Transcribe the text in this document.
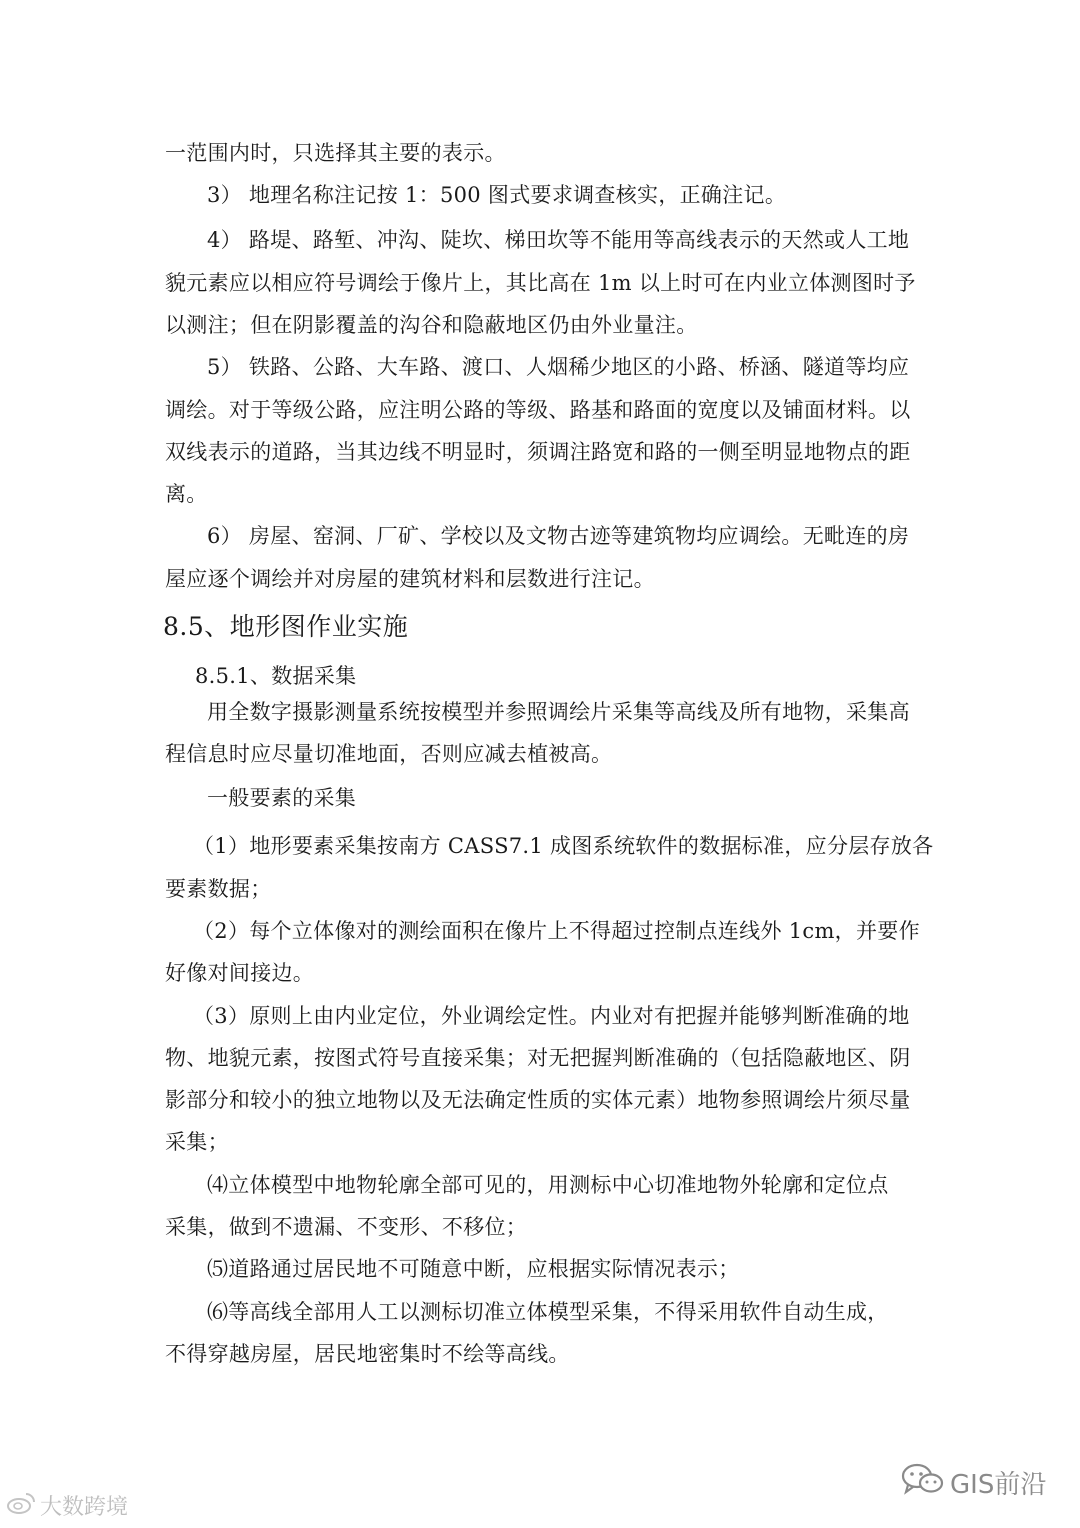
一范围内时，只选择其主要的表示。
3） 地理名称注记按 1：500 图式要求调查核实，正确注记。
4） 路堤、路堑、冲沟、陡坎、梯田坎等不能用等高线表示的天然或人工地
貌元素应以相应符号调绘于像片上，其比高在 1m 以上时可在内业立体测图时予
以测注；但在阴影覆盖的沟谷和隐蔽地区仍由外业量注。
5） 铁路、公路、大车路、渡口、人烟稀少地区的小路、桥涵、隧道等均应
调绘。对于等级公路，应注明公路的等级、路基和路面的宽度以及铺面材料。以
双线表示的道路，当其边线不明显时，须调注路宽和路的一侧至明显地物点的距
离。
6） 房屋、窑洞、厂矿、学校以及文物古迹等建筑物均应调绘。无毗连的房
屋应逐个调绘并对房屋的建筑材料和层数进行注记。
8.5、地形图作业实施
8.5.1、数据采集
用全数字摄影测量系统按模型并参照调绘片采集等高线及所有地物，采集高
程信息时应尽量切准地面，否则应减去植被高。
一般要素的采集
（1）地形要素采集按南方 CASS7.1 成图系统软件的数据标准，应分层存放各
要素数据；
（2）每个立体像对的测绘面积在像片上不得超过控制点连线外 1cm，并要作
好像对间接边。
（3）原则上由内业定位，外业调绘定性。内业对有把握并能够判断准确的地
物、地貌元素，按图式符号直接采集；对无把握判断准确的（包括隐蔽地区、阴
影部分和较小的独立地物以及无法确定性质的实体元素）地物参照调绘片须尽量
采集；
⑷立体模型中地物轮廓全部可见的，用测标中心切准地物外轮廓和定位点
采集，做到不遗漏、不变形、不移位；
⑸道路通过居民地不可随意中断，应根据实际情况表示；
⑹等高线全部用人工以测标切准立体模型采集，不得采用软件自动生成，
不得穿越房屋，居民地密集时不绘等高线。
大数跨境
GIS前沿
